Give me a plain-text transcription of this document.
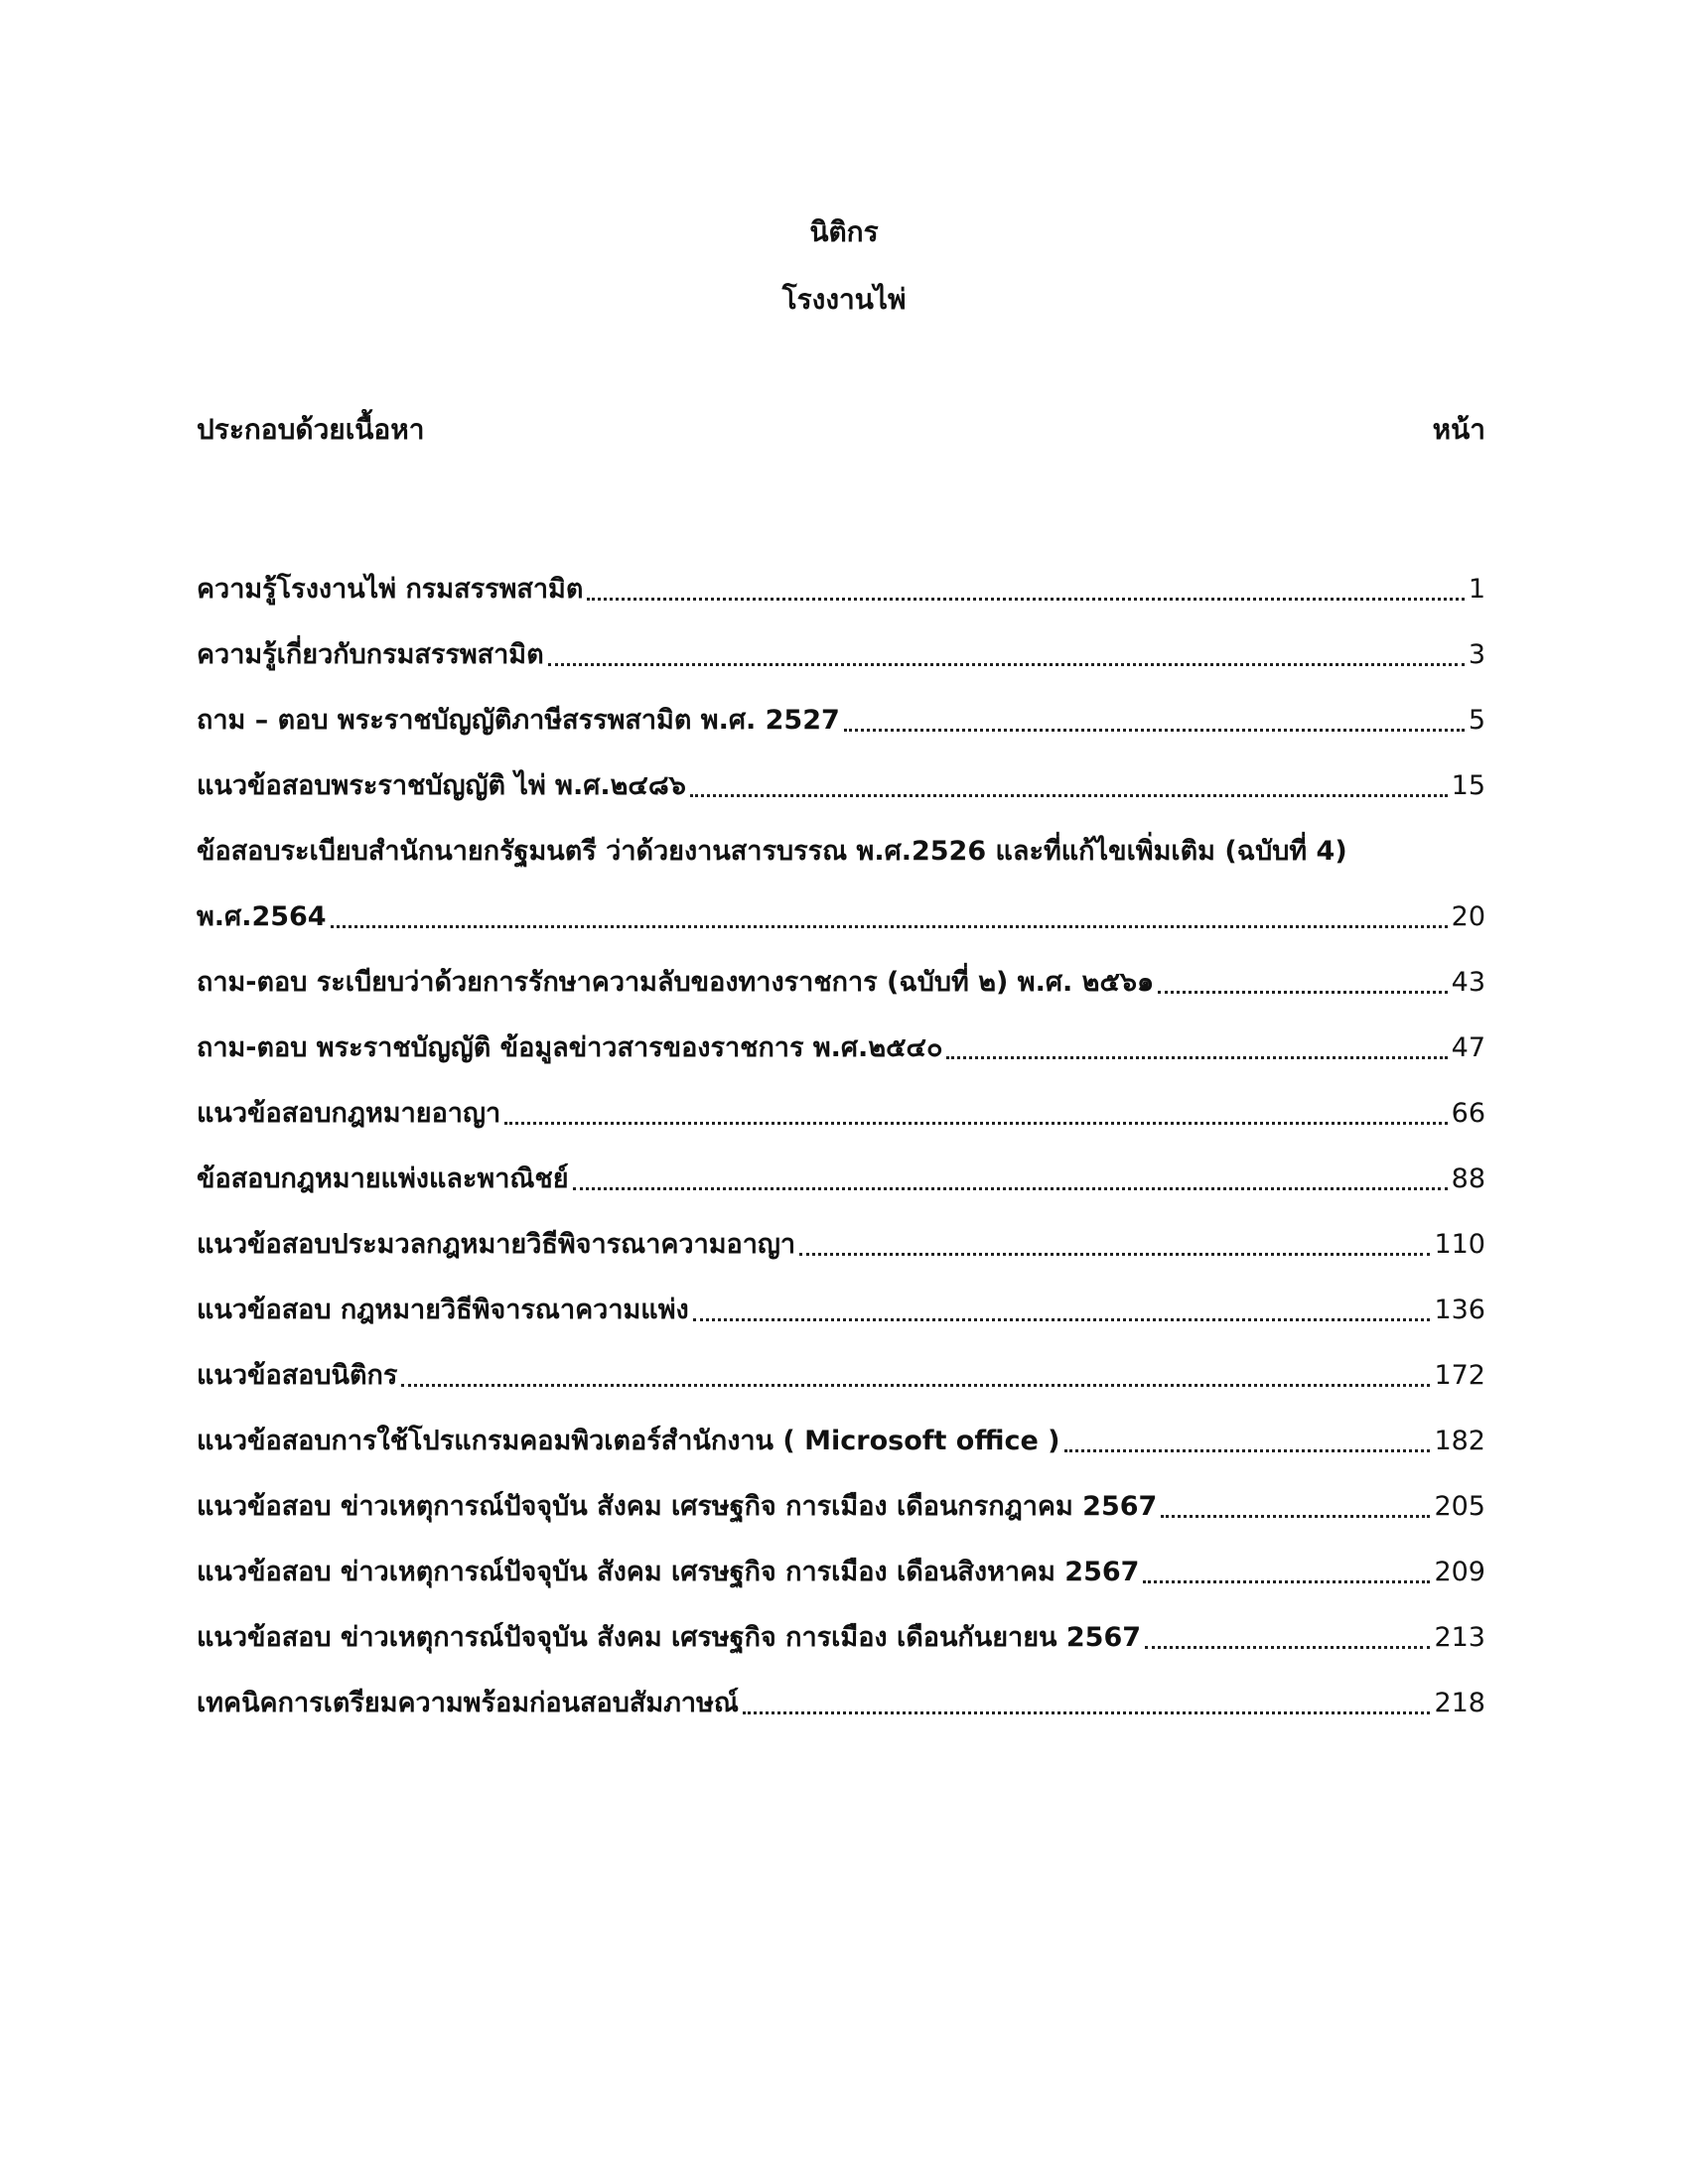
นิติกร
โรงงานไพ่
ประกอบด้วยเนื้อหา	หน้า
ความรู้โรงงานไพ่ กรมสรรพสามิต	1
ความรู้เกี่ยวกับกรมสรรพสามิต	3
ถาม – ตอบ พระราชบัญญัติภาษีสรรพสามิต พ.ศ. 2527	5
แนวข้อสอบพระราชบัญญัติ ไพ่ พ.ศ.๒๔๘๖	15
ข้อสอบระเบียบสำนักนายกรัฐมนตรี ว่าด้วยงานสารบรรณ พ.ศ.2526 และที่แก้ไขเพิ่มเติม (ฉบับที่ 4)
พ.ศ.2564	20
ถาม-ตอบ ระเบียบว่าด้วยการรักษาความลับของทางราชการ (ฉบับที่ ๒) พ.ศ. ๒๕๖๑	43
ถาม-ตอบ พระราชบัญญัติ ข้อมูลข่าวสารของราชการ พ.ศ.๒๕๔๐	47
แนวข้อสอบกฎหมายอาญา	66
ข้อสอบกฎหมายแพ่งและพาณิชย์	88
แนวข้อสอบประมวลกฎหมายวิธีพิจารณาความอาญา	110
แนวข้อสอบ กฎหมายวิธีพิจารณาความแพ่ง	136
แนวข้อสอบนิติกร	172
แนวข้อสอบการใช้โปรแกรมคอมพิวเตอร์สำนักงาน ( Microsoft office )	182
แนวข้อสอบ ข่าวเหตุการณ์ปัจจุบัน สังคม เศรษฐกิจ การเมือง เดือนกรกฎาคม 2567	205
แนวข้อสอบ ข่าวเหตุการณ์ปัจจุบัน สังคม เศรษฐกิจ การเมือง เดือนสิงหาคม 2567	209
แนวข้อสอบ ข่าวเหตุการณ์ปัจจุบัน สังคม เศรษฐกิจ การเมือง เดือนกันยายน 2567	213
เทคนิคการเตรียมความพร้อมก่อนสอบสัมภาษณ์	218
